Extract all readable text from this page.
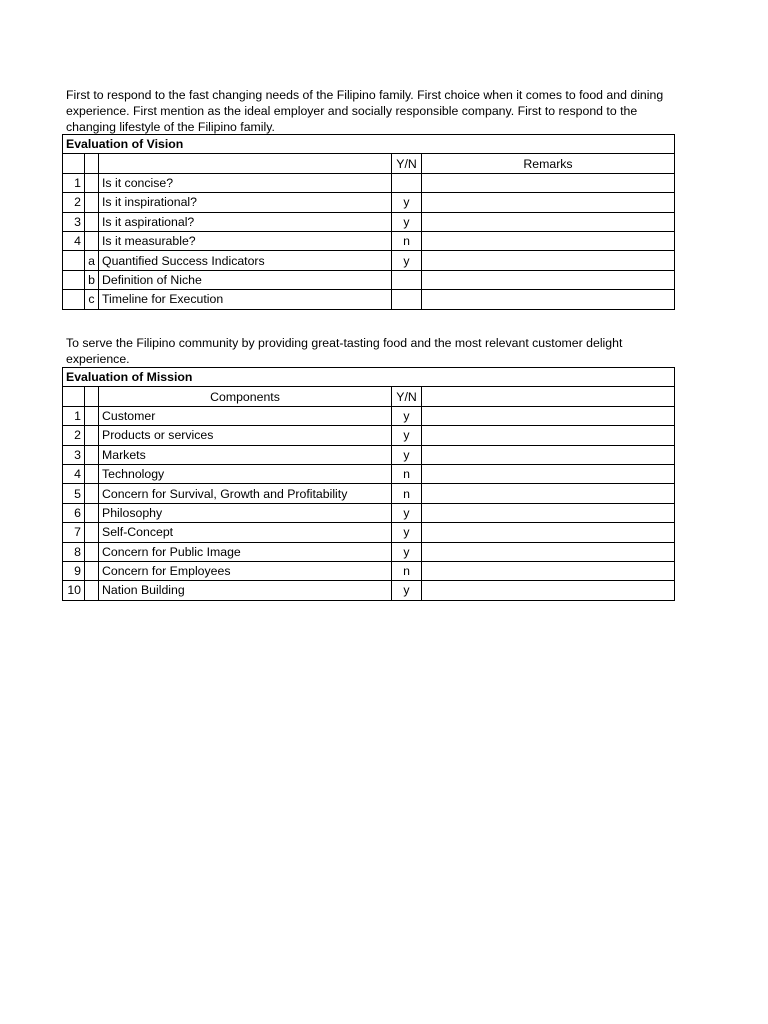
First to respond to the fast changing needs of the Filipino family. First choice when it comes to food and dining experience. First mention as the ideal employer and socially responsible company. First to respond to the changing lifestyle of the Filipino family.
Evaluation of Vision				
			Y/N	Remarks
1		Is it concise?		
2		Is it inspirational?	y	
3		Is it aspirational?	y	
4		Is it measurable?	n	
	a	Quantified Success Indicators	y	
	b	Definition of Niche		
	c	Timeline for Execution		
To serve the Filipino community by providing great-tasting food and the most relevant customer delight experience.
Evaluation of Mission				
		Components	Y/N	
1		Customer	y	
2		Products or services	y	
3		Markets	y	
4		Technology	n	
5		Concern for Survival, Growth and Profitability	n	
6		Philosophy	y	
7		Self-Concept	y	
8		Concern for Public Image	y	
9		Concern for Employees	n	
10		Nation Building	y	
